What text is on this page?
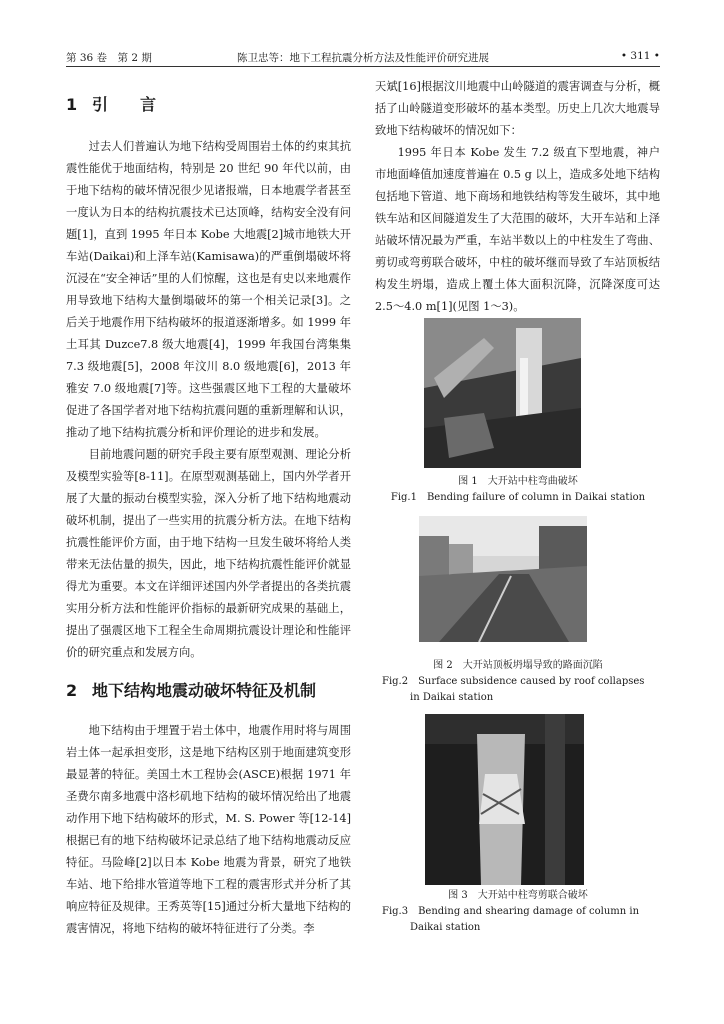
第 36 卷　第 2 期	陈卫忠等：地下工程抗震分析方法及性能评价研究进展	• 311 •
1 引　言

过去人们普遍认为地下结构受周围岩土体的约束其抗震性能优于地面结构，特别是 20 世纪 90 年代以前，由于地下结构的破坏情况很少见诸报端，日本地震学者甚至一度认为日本的结构抗震技术已达顶峰，结构安全没有问题[1]，直到 1995 年日本 Kobe 大地震[2]城市地铁大开车站(Daikai)和上泽车站(Kamisawa)的严重倒塌破坏将沉浸在“安全神话”里的人们惊醒，这也是有史以来地震作用导致地下结构大量倒塌破坏的第一个相关记录[3]。之后关于地震作用下结构破坏的报道逐渐增多。如 1999 年土耳其 Duzce7.8 级大地震[4]，1999 年我国台湾集集 7.3 级地震[5]，2008 年汶川 8.0 级地震[6]，2013 年雅安 7.0 级地震[7]等。这些强震区地下工程的大量破坏促进了各国学者对地下结构抗震问题的重新理解和认识，推动了地下结构抗震分析和评价理论的进步和发展。

目前地震问题的研究手段主要有原型观测、理论分析及模型实验等[8-11]。在原型观测基础上，国内外学者开展了大量的振动台模型实验，深入分析了地下结构地震动破坏机制，提出了一些实用的抗震分析方法。在地下结构抗震性能评价方面，由于地下结构一旦发生破坏将给人类带来无法估量的损失，因此，地下结构抗震性能评价就显得尤为重要。本文在详细评述国内外学者提出的各类抗震实用分析方法和性能评价指标的最新研究成果的基础上，提出了强震区地下工程全生命周期抗震设计理论和性能评价的研究重点和发展方向。

2 地下结构地震动破坏特征及机制

地下结构由于埋置于岩土体中，地震作用时将与周围岩土体一起承担变形，这是地下结构区别于地面建筑变形最显著的特征。美国土木工程协会(ASCE)根据 1971 年圣费尔南多地震中洛杉矶地下结构的破坏情况给出了地震动作用下地下结构破坏的形式，M. S. Power 等[12-14]根据已有的地下结构破坏记录总结了地下结构地震动反应特征。马险峰[2]以日本 Kobe 地震为背景，研究了地铁车站、地下给排水管道等地下工程的震害形式并分析了其响应特征及规律。王秀英等[15]通过分析大量地下结构的震害情况，将地下结构的破坏特征进行了分类。李

天斌[16]根据汶川地震中山岭隧道的震害调查与分析，概括了山岭隧道变形破坏的基本类型。历史上几次大地震导致地下结构破坏的情况如下：

1995 年日本 Kobe 发生 7.2 级直下型地震，神户市地面峰值加速度普遍在 0.5 g 以上，造成多处地下结构包括地下管道、地下商场和地铁结构等发生破坏，其中地铁车站和区间隧道发生了大范围的破坏，大开车站和上泽站破坏情况最为严重，车站半数以上的中柱发生了弯曲、剪切或弯剪联合破坏，中柱的破坏继而导致了车站顶板结构发生坍塌，造成上覆土体大面积沉降，沉降深度可达 2.5～4.0 m[1](见图 1～3)。

图 1　大开站中柱弯曲破坏
Fig.1　Bending failure of column in Daikai station
图 2　大开站顶板坍塌导致的路面沉陷
Fig.2　Surface subsidence caused by roof collapses in Daikai station
图 3　大开站中柱弯剪联合破坏
Fig.3　Bending and shearing damage of column in Daikai station
